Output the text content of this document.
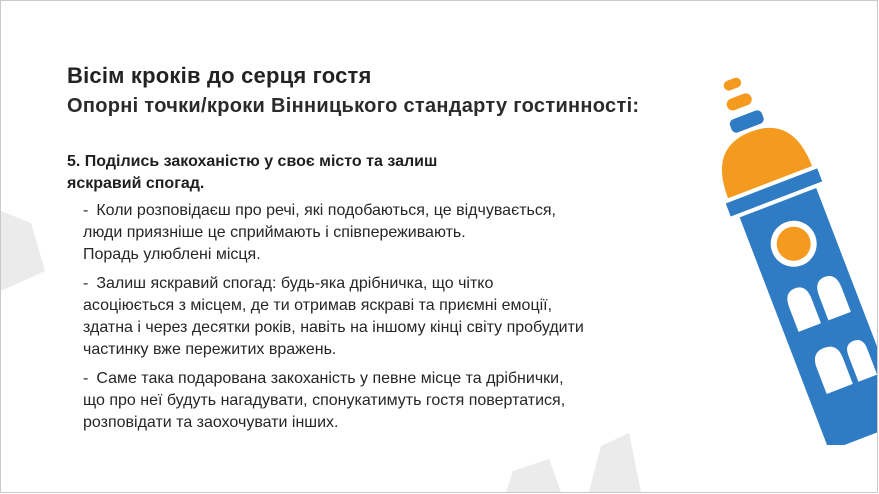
Вісім кроків до серця гостя
Опорні точки/кроки Вінницького стандарту гостинності:

5. Поділись закоханістю у своє місто та залиш
яскравий спогад.

- Коли розповідаєш про речі, які подобаються, це відчувається,
люди приязніше це сприймають і співпереживають.
Порадь улюблені місця.
- Залиш яскравий спогад: будь-яка дрібничка, що чітко
асоціюється з місцем, де ти отримав яскраві та приємні емоції,
здатна і через десятки років, навіть на іншому кінці світу пробудити
частинку вже пережитих вражень.
- Саме така подарована закоханість у певне місце та дрібнички,
що про неї будуть нагадувати, спонукатимуть гостя повертатися,
розповідати та заохочувати інших.
